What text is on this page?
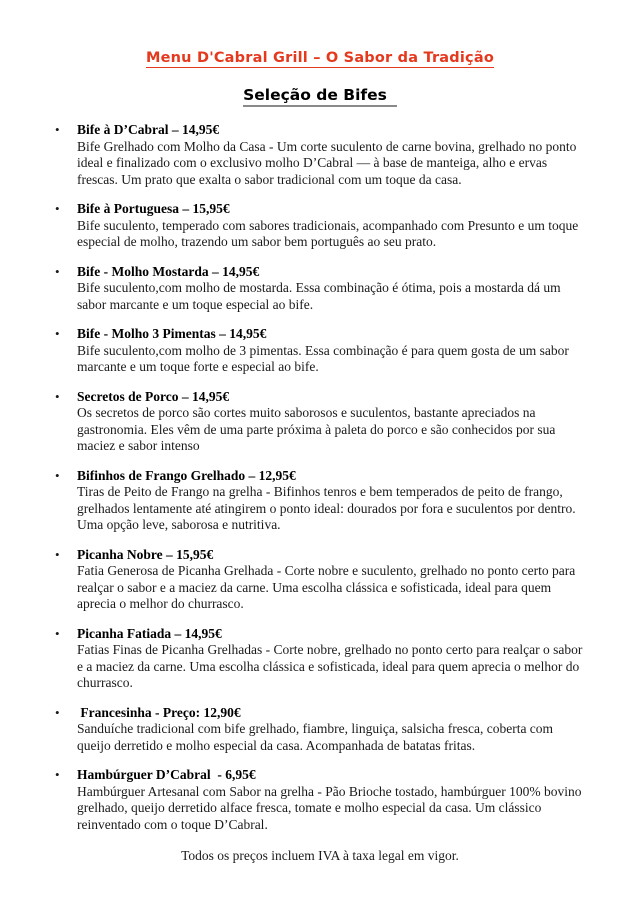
Menu D'Cabral Grill – O Sabor da Tradição
Seleção de Bifes
• Bife à D’Cabral – 14,95€
Bife Grelhado com Molho da Casa - Um corte suculento de carne bovina, grelhado no ponto ideal e finalizado com o exclusivo molho D’Cabral — à base de manteiga, alho e ervas frescas. Um prato que exalta o sabor tradicional com um toque da casa.
• Bife à Portuguesa – 15,95€
Bife suculento, temperado com sabores tradicionais, acompanhado com Presunto e um toque especial de molho, trazendo um sabor bem português ao seu prato.
• Bife - Molho Mostarda – 14,95€
Bife suculento,com molho de mostarda. Essa combinação é ótima, pois a mostarda dá um sabor marcante e um toque especial ao bife.
• Bife - Molho 3 Pimentas – 14,95€
Bife suculento,com molho de 3 pimentas. Essa combinação é para quem gosta de um sabor marcante e um toque forte e especial ao bife.
• Secretos de Porco – 14,95€
Os secretos de porco são cortes muito saborosos e suculentos, bastante apreciados na gastronomia. Eles vêm de uma parte próxima à paleta do porco e são conhecidos por sua maciez e sabor intenso
• Bifinhos de Frango Grelhado – 12,95€
Tiras de Peito de Frango na grelha - Bifinhos tenros e bem temperados de peito de frango, grelhados lentamente até atingirem o ponto ideal: dourados por fora e suculentos por dentro. Uma opção leve, saborosa e nutritiva.
• Picanha Nobre – 15,95€
Fatia Generosa de Picanha Grelhada - Corte nobre e suculento, grelhado no ponto certo para realçar o sabor e a maciez da carne. Uma escolha clássica e sofisticada, ideal para quem aprecia o melhor do churrasco.
• Picanha Fatiada – 14,95€
Fatias Finas de Picanha Grelhadas - Corte nobre, grelhado no ponto certo para realçar o sabor e a maciez da carne. Uma escolha clássica e sofisticada, ideal para quem aprecia o melhor do churrasco.
• Francesinha - Preço: 12,90€
Sanduíche tradicional com bife grelhado, fiambre, linguiça, salsicha fresca, coberta com queijo derretido e molho especial da casa. Acompanhada de batatas fritas.
• Hambúrguer D’Cabral  - 6,95€
Hambúrguer Artesanal com Sabor na grelha - Pão Brioche tostado, hambúrguer 100% bovino grelhado, queijo derretido alface fresca, tomate e molho especial da casa. Um clássico reinventado com o toque D’Cabral.
Todos os preços incluem IVA à taxa legal em vigor.
